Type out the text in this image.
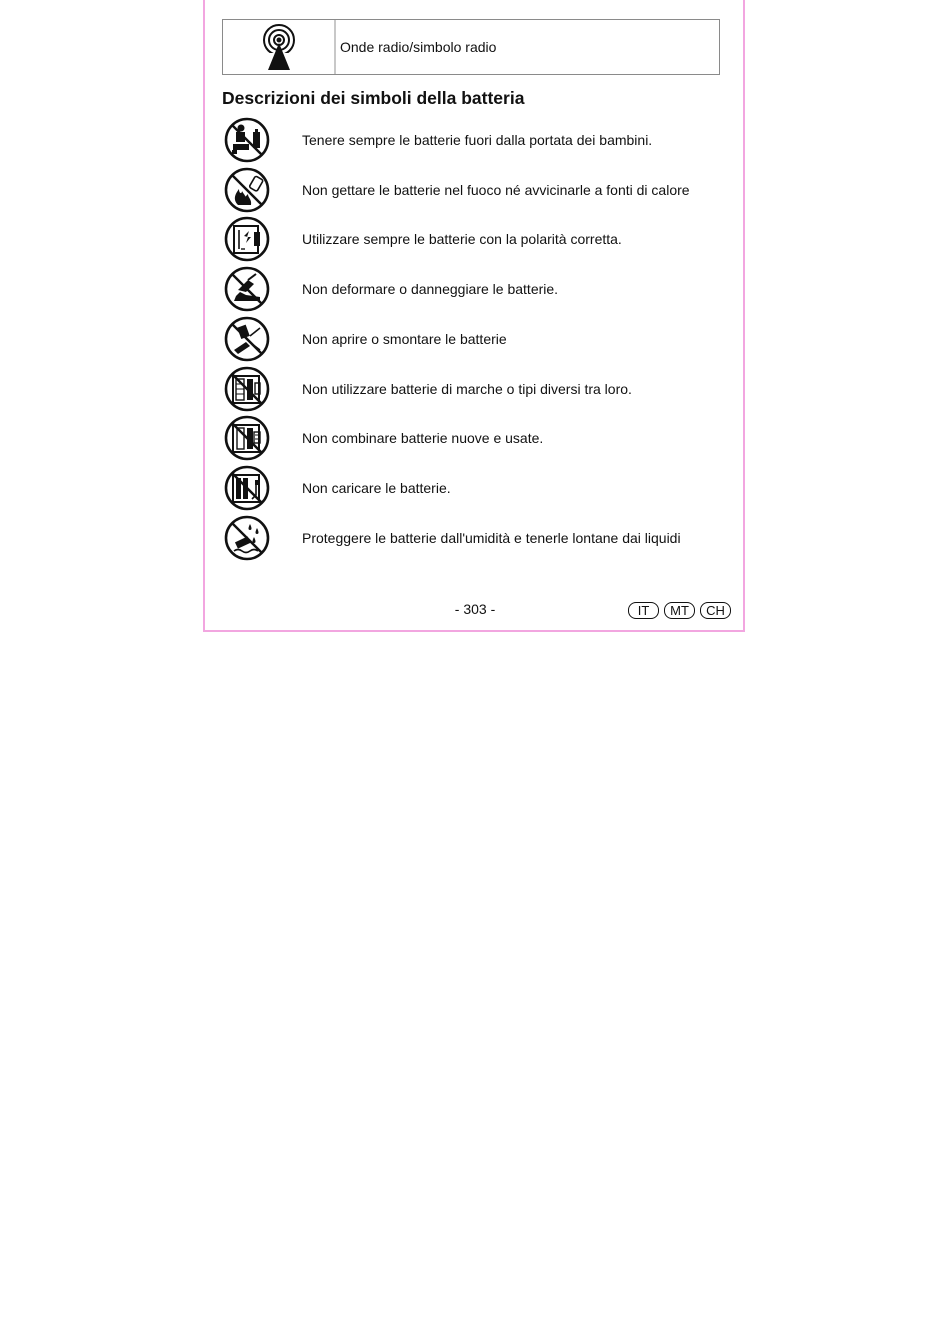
Onde radio/simbolo radio
Descrizioni dei simboli della batteria
Tenere sempre le batterie fuori dalla portata dei bambini.
Non gettare le batterie nel fuoco né avvicinarle a fonti di calore
Utilizzare sempre le batterie con la polarità corretta.
Non deformare o danneggiare le batterie.
Non aprire o smontare le batterie
Non utilizzare batterie di marche o tipi diversi tra loro.
Non combinare batterie nuove e usate.
Non caricare le batterie.
Proteggere le batterie dall'umidità e tenerle lontane dai liquidi
- 303 -	IT	MT	CH
